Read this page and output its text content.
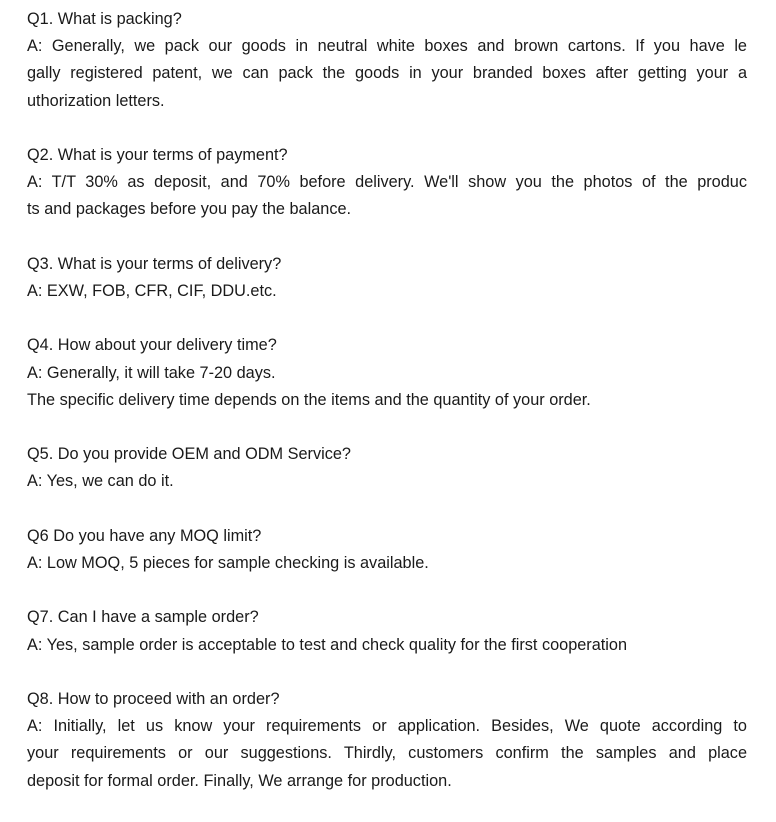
Q1. What is packing?
A: Generally, we pack our goods in neutral white boxes and brown cartons. If you have le
gally registered patent, we can pack the goods in your branded boxes after getting your a
uthorization letters.
Q2. What is your terms of payment?
A: T/T 30% as deposit, and 70% before delivery. We'll show you the photos of the produc
ts and packages before you pay the balance.
Q3. What is your terms of delivery?
A: EXW, FOB, CFR, CIF, DDU.etc.
Q4. How about your delivery time?
A: Generally, it will take 7-20 days.
The specific delivery time depends on the items and the quantity of your order.
Q5. Do you provide OEM and ODM Service?
A: Yes, we can do it.
Q6 Do you have any MOQ limit?
A: Low MOQ, 5 pieces for sample checking is available.
Q7. Can I have a sample order?
A: Yes, sample order is acceptable to test and check quality for the first cooperation
Q8. How to proceed with an order?
A: Initially, let us know your requirements or application. Besides, We quote according to
your requirements or our suggestions. Thirdly, customers confirm the samples and place
deposit for formal order. Finally, We arrange for production.
